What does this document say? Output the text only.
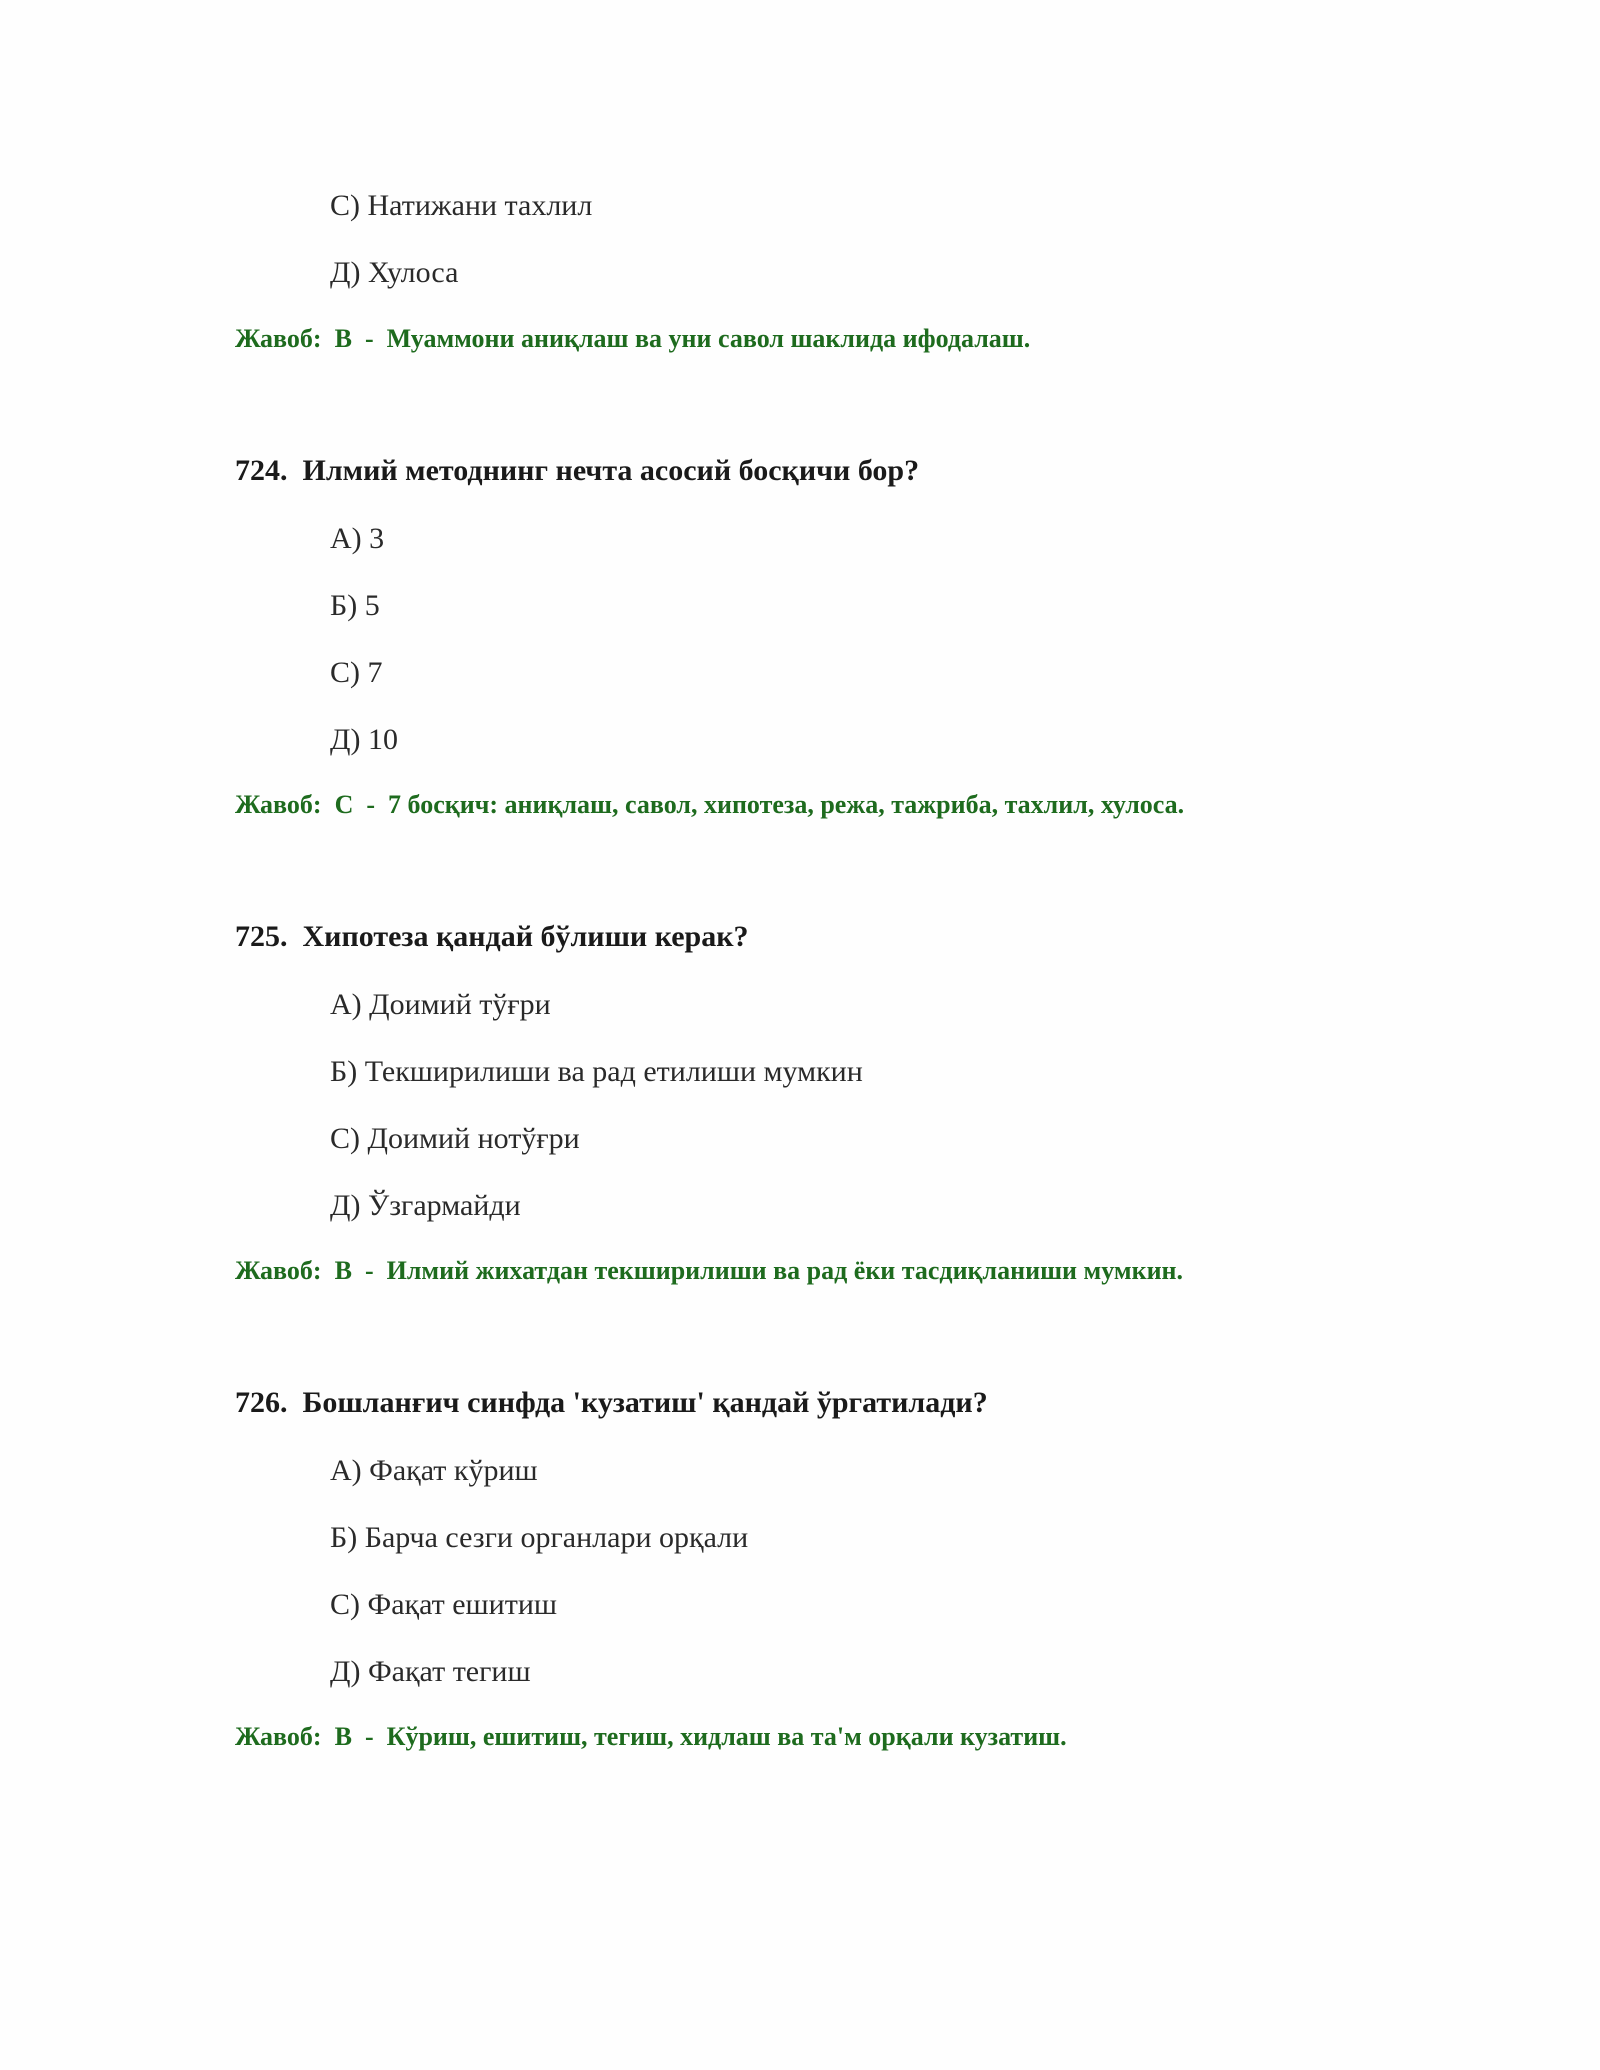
С) Натижани тахлил
Д) Хулоса
Жавоб: В - Муаммони аниқлаш ва уни савол шаклида ифодалаш.
724. Илмий методнинг нечта асосий босқичи бор?
А) 3
Б) 5
С) 7
Д) 10
Жавоб: С - 7 босқич: аниқлаш, савол, хипотеза, режа, тажриба, тахлил, хулоса.
725. Хипотеза қандай бўлиши керак?
А) Доимий тўғри
Б) Текширилиши ва рад етилиши мумкин
С) Доимий нотўғри
Д) Ўзгармайди
Жавоб: В - Илмий жихатдан текширилиши ва рад ёки тасдиқланиши мумкин.
726. Бошланғич синфда 'кузатиш' қандай ўргатилади?
А) Фақат кўриш
Б) Барча сезги органлари орқали
С) Фақат ешитиш
Д) Фақат тегиш
Жавоб: В - Кўриш, ешитиш, тегиш, хидлаш ва та'м орқали кузатиш.
